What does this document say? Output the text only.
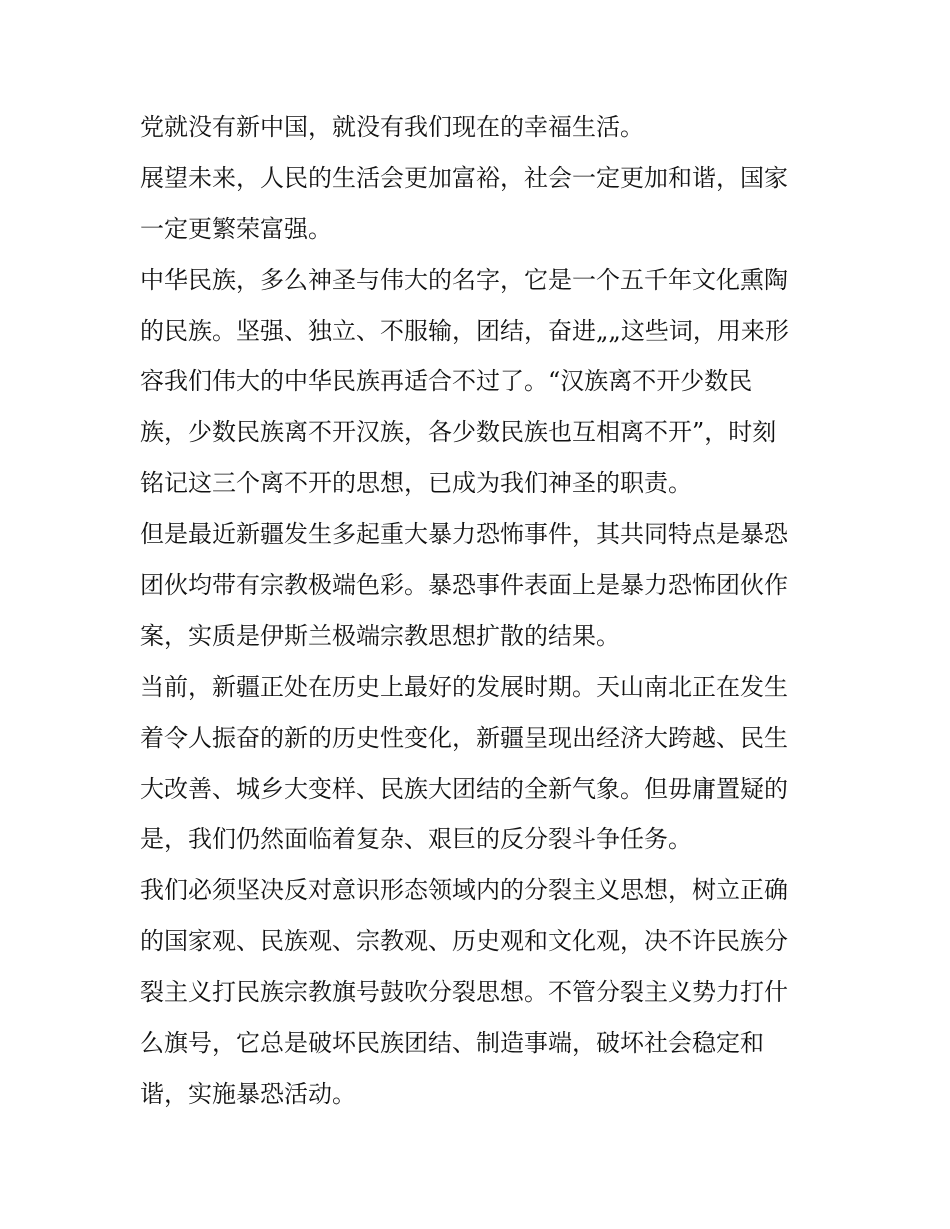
党就没有新中国，就没有我们现在的幸福生活。
展望未来，人民的生活会更加富裕，社会一定更加和谐，国家
一定更繁荣富强。
中华民族，多么神圣与伟大的名字，它是一个五千年文化熏陶
的民族。坚强、独立、不服输，团结，奋进„„这些词，用来形
容我们伟大的中华民族再适合不过了。“汉族离不开少数民
族，少数民族离不开汉族，各少数民族也互相离不开”，时刻
铭记这三个离不开的思想，已成为我们神圣的职责。
但是最近新疆发生多起重大暴力恐怖事件，其共同特点是暴恐
团伙均带有宗教极端色彩。暴恐事件表面上是暴力恐怖团伙作
案，实质是伊斯兰极端宗教思想扩散的结果。
当前，新疆正处在历史上最好的发展时期。天山南北正在发生
着令人振奋的新的历史性变化，新疆呈现出经济大跨越、民生
大改善、城乡大变样、民族大团结的全新气象。但毋庸置疑的
是，我们仍然面临着复杂、艰巨的反分裂斗争任务。
我们必须坚决反对意识形态领域内的分裂主义思想，树立正确
的国家观、民族观、宗教观、历史观和文化观，决不许民族分
裂主义打民族宗教旗号鼓吹分裂思想。不管分裂主义势力打什
么旗号，它总是破坏民族团结、制造事端，破坏社会稳定和
谐，实施暴恐活动。
